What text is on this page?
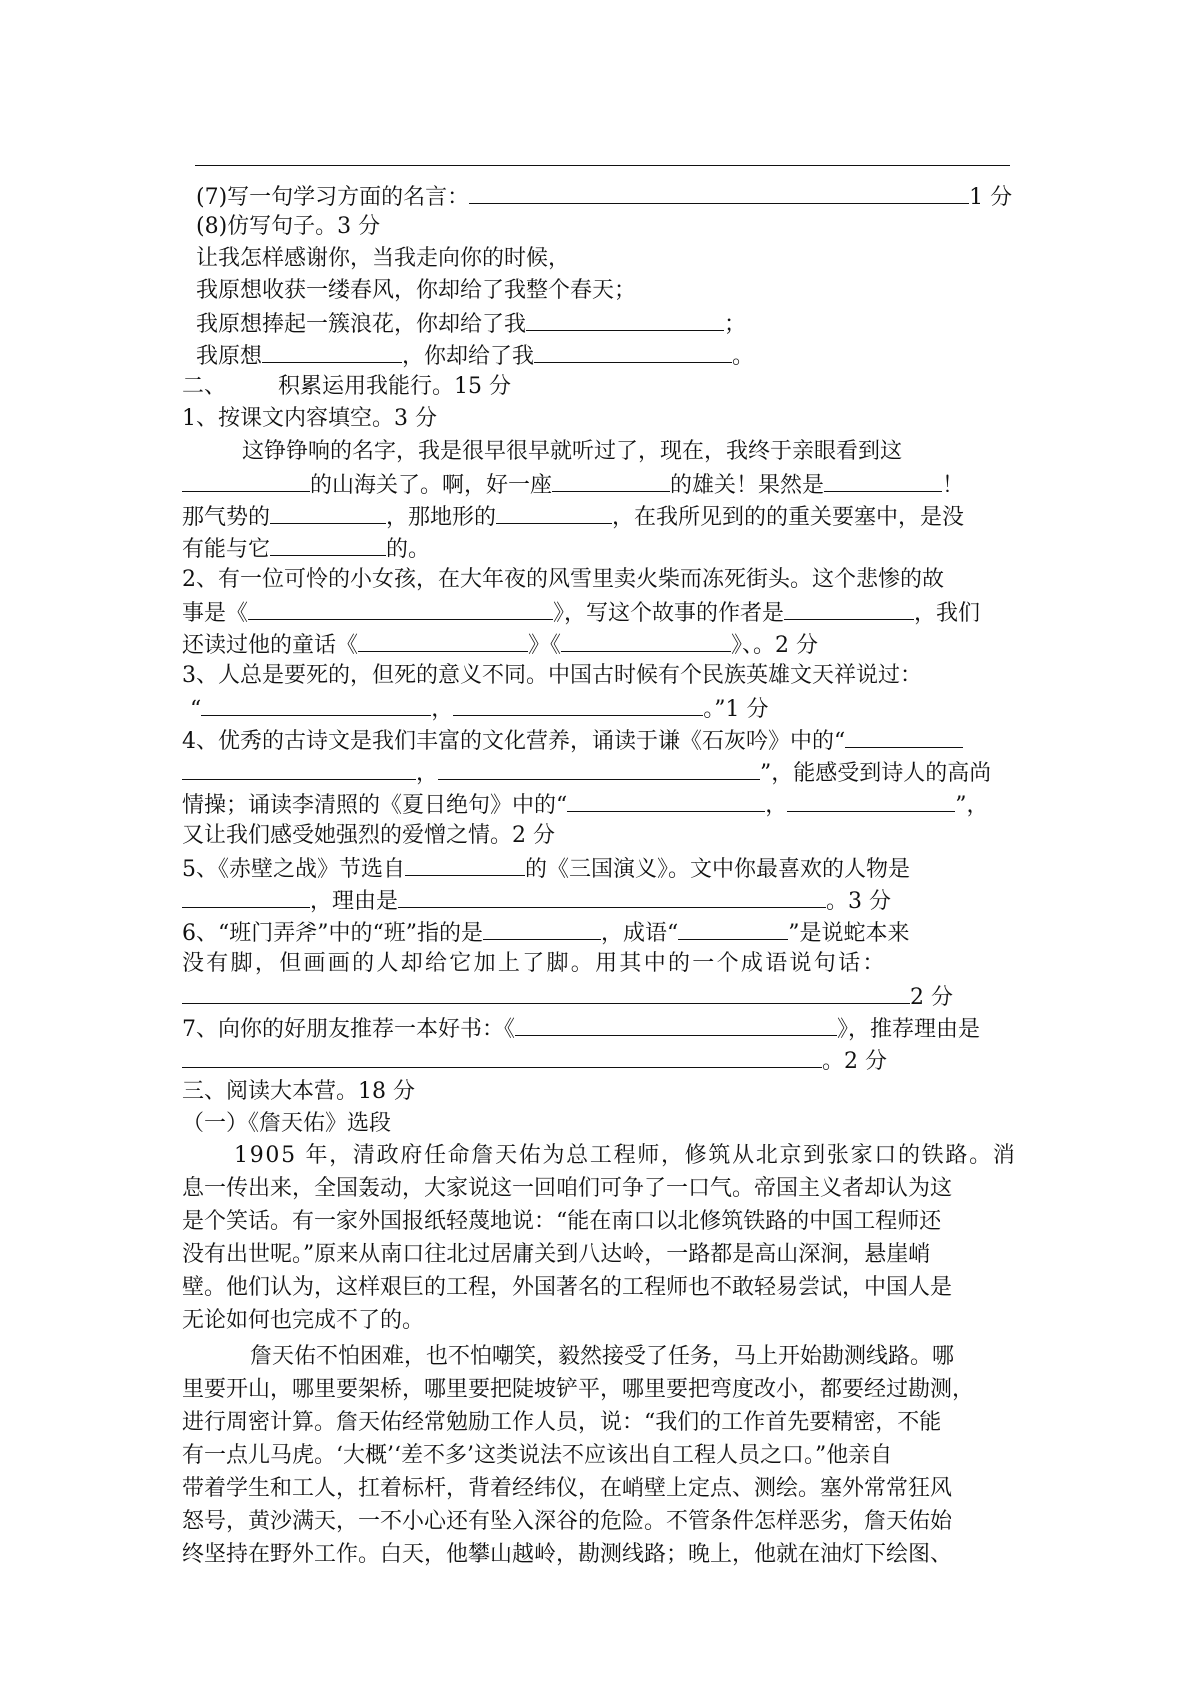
(7)写一句学习方面的名言：	1 分
(8)仿写句子。3 分
让我怎样感谢你，当我走向你的时候，
我原想收获一缕春风，你却给了我整个春天；
我原想捧起一簇浪花，你却给了我	；
我原想	，你却给了我	。
二、 积累运用我能行。15 分
1、按课文内容填空。3 分
这铮铮响的名字，我是很早很早就听过了，现在，我终于亲眼看到这
的山海关了。啊，好一座	的雄关！果然是	！
那气势的	，那地形的	，在我所见到的的重关要塞中，是没
有能与它	的。
2、有一位可怜的小女孩，在大年夜的风雪里卖火柴而冻死街头。这个悲惨的故
事是《	》，写这个故事的作者是	，我们
还读过他的童话《	》《	》、。2 分
3、人总是要死的，但死的意义不同。中国古时候有个民族英雄文天祥说过：
“	，	。”1 分
4、优秀的古诗文是我们丰富的文化营养，诵读于谦《石灰吟》中的“
，	”，能感受到诗人的高尚
情操；诵读李清照的《夏日绝句》中的“	，	”，
又让我们感受她强烈的爱憎之情。2 分
5、《赤壁之战》节选自	的《三国演义》。文中你最喜欢的人物是
，理由是	。3 分
6、“班门弄斧”中的“班”指的是	，成语“	”是说蛇本来
没有脚，但画画的人却给它加上了脚。用其中的一个成语说句话：
2 分
7、向你的好朋友推荐一本好书：《	》，推荐理由是
。2 分
三、阅读大本营。18 分
（一）《詹天佑》选段
1905 年，清政府任命詹天佑为总工程师，修筑从北京到张家口的铁路。消
息一传出来，全国轰动，大家说这一回咱们可争了一口气。帝国主义者却认为这
是个笑话。有一家外国报纸轻蔑地说：“能在南口以北修筑铁路的中国工程师还
没有出世呢。”原来从南口往北过居庸关到八达岭，一路都是高山深涧，悬崖峭
壁。他们认为，这样艰巨的工程，外国著名的工程师也不敢轻易尝试，中国人是
无论如何也完成不了的。
詹天佑不怕困难，也不怕嘲笑，毅然接受了任务，马上开始勘测线路。哪
里要开山，哪里要架桥，哪里要把陡坡铲平，哪里要把弯度改小，都要经过勘测，
进行周密计算。詹天佑经常勉励工作人员，说：“我们的工作首先要精密，不能
有一点儿马虎。‘大概’‘差不多’这类说法不应该出自工程人员之口。”他亲自
带着学生和工人，扛着标杆，背着经纬仪，在峭壁上定点、测绘。塞外常常狂风
怒号，黄沙满天，一不小心还有坠入深谷的危险。不管条件怎样恶劣，詹天佑始
终坚持在野外工作。白天，他攀山越岭，勘测线路；晚上，他就在油灯下绘图、
